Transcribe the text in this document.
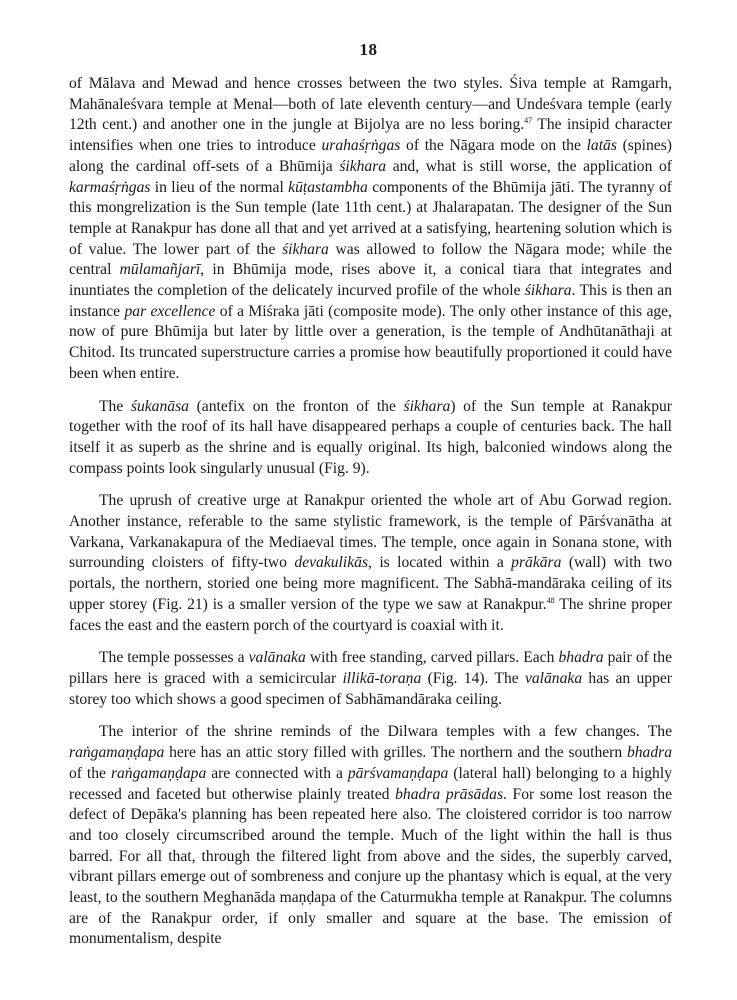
18

of Mālava and Mewad and hence crosses between the two styles. Śiva temple at Ramgarh, Mahānaleśvara temple at Menal—both of late eleventh century—and Undeśvara temple (early 12th cent.) and another one in the jungle at Bijolya are no less boring.$^{47}$ The insipid character intensifies when one tries to introduce urahaśṛṅgas of the Nāgara mode on the latās (spines) along the cardinal off-sets of a Bhūmija śikhara and, what is still worse, the application of karmaśṛṅgas in lieu of the normal kūṭastambha components of the Bhūmija jāti. The tyranny of this mongrelization is the Sun temple (late 11th cent.) at Jhalarapatan. The designer of the Sun temple at Ranakpur has done all that and yet arrived at a satisfying, heartening solution which is of value. The lower part of the śikhara was allowed to follow the Nāgara mode; while the central mūlamañjarī, in Bhūmija mode, rises above it, a conical tiara that integrates and inuntiates the completion of the delicately incurved profile of the whole śikhara. This is then an instance par excellence of a Miśraka jāti (composite mode). The only other instance of this age, now of pure Bhūmija but later by little over a generation, is the temple of Andhūtanāthaji at Chitod. Its truncated superstructure carries a promise how beautifully proportioned it could have been when entire.

The śukanāsa (antefix on the fronton of the śikhara) of the Sun temple at Ranakpur together with the roof of its hall have disappeared perhaps a couple of centuries back. The hall itself it as superb as the shrine and is equally original. Its high, balconied windows along the compass points look singularly unusual (Fig. 9).

The uprush of creative urge at Ranakpur oriented the whole art of Abu Gorwad region. Another instance, referable to the same stylistic framework, is the temple of Pārśvanātha at Varkana, Varkanakapura of the Mediaeval times. The temple, once again in Sonana stone, with surrounding cloisters of fifty-two devakulikās, is located within a prākāra (wall) with two portals, the northern, storied one being more magnificent. The Sabhā-mandāraka ceiling of its upper storey (Fig. 21) is a smaller version of the type we saw at Ranakpur.$^{48}$ The shrine proper faces the east and the eastern porch of the courtyard is coaxial with it.

The temple possesses a valānaka with free standing, carved pillars. Each bhadra pair of the pillars here is graced with a semicircular illikā-toraṇa (Fig. 14). The valānaka has an upper storey too which shows a good specimen of Sabhāmandāraka ceiling.

The interior of the shrine reminds of the Dilwara temples with a few changes. The raṅgamaṇḍapa here has an attic story filled with grilles. The northern and the southern bhadra of the raṅgamaṇḍapa are connected with a pārśvamaṇḍapa (lateral hall) belonging to a highly recessed and faceted but otherwise plainly treated bhadra prāsādas. For some lost reason the defect of Depāka's planning has been repeated here also. The cloistered corridor is too narrow and too closely circumscribed around the temple. Much of the light within the hall is thus barred. For all that, through the filtered light from above and the sides, the superbly carved, vibrant pillars emerge out of sombreness and conjure up the phantasy which is equal, at the very least, to the southern Meghanāda maṇḍapa of the Caturmukha temple at Ranakpur. The columns are of the Ranakpur order, if only smaller and square at the base. The emission of monumentalism, despite
